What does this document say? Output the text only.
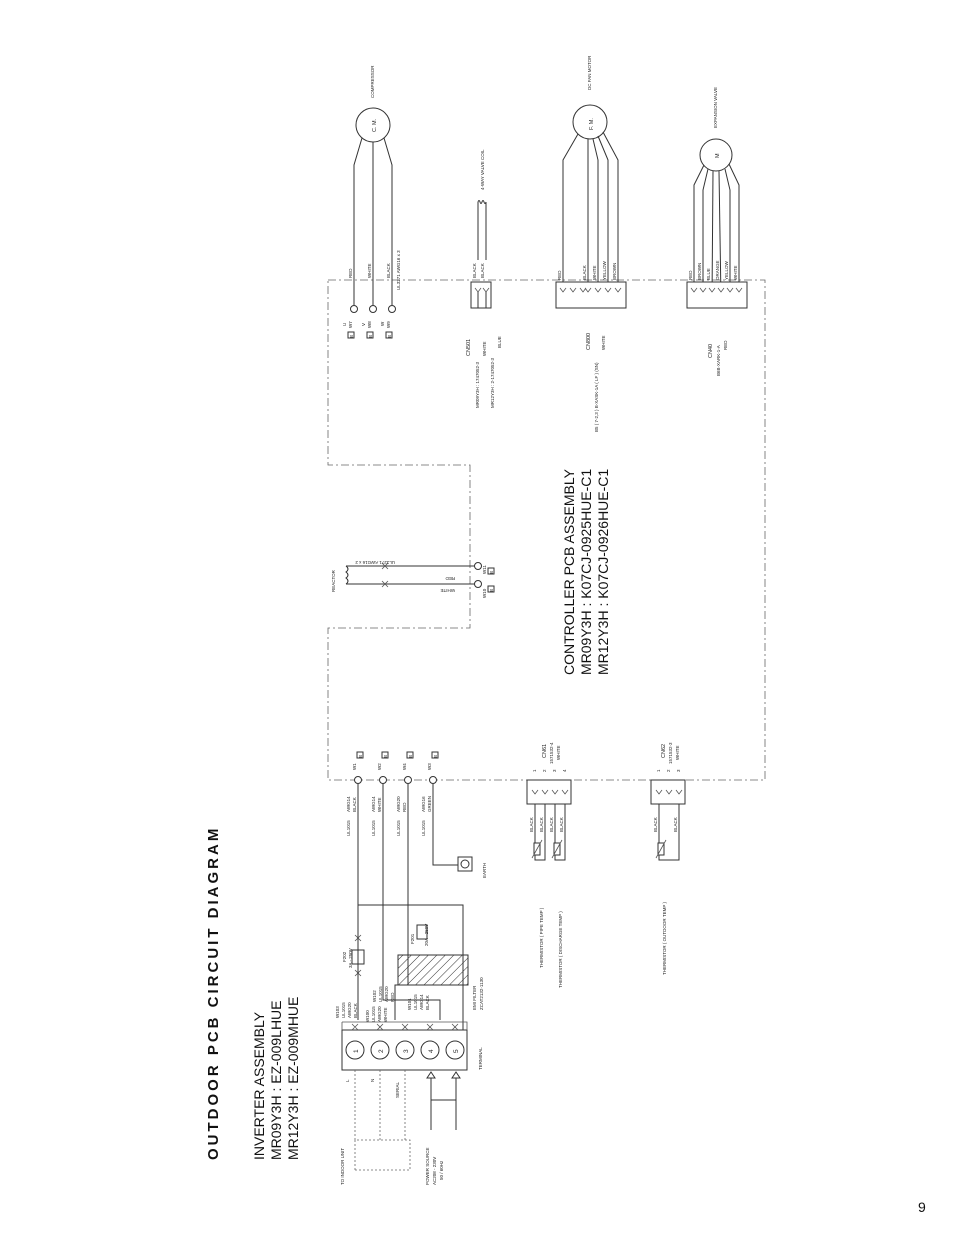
OUTDOOR PCB CIRCUIT DIAGRAM INVERTER ASSEMBLY MR09Y3H : EZ-009LHUE MR12Y3H : EZ-009MHUE
CONTROLLER PCB ASSEMBLY MR09Y3H : K07CJ-0925HUE-C1 MR12Y3H : K07CJ-0926HUE-C1
9
C. M.
COMPRESSOR
RED	WHITE	BLACK UL3271 AWG16 x 3
W7	W8	W9
U	V	W
B	B	B
4-WAY VALVE COIL
BLACK BLACK
CN501
MR09Y3H : 1747052-3
WHITE
MR12Y3H : 2-1747052-3
BLUE
F. M.
DC FAN MOTOR
RED	BLACK WHITE YELLOW BROWN
CN800
B5 ( 7-2,3 ) B-XASK-1A ( LF ) (SN)
WHITE
M
EXPANSION VALVE
RED BROWN BLUE ORANGE YELLOW WHITE
CN40 B6B-XARK-1-A RED
REACTOR
UL3271 AWG16 x 2
RED
WHITE	W10
W11
B
B
W1	W2	W4	W3
B	B	B	B
UL1015
AWG14 BLACK
UL1015
AWG14 WHITE
UL1015
AWG20 RED
UL1015
AWG16 GREEN
EARTH
1 2 3 4
CN61 1571532-4 WHITE
BLACK BLACK BLACK BLACK
THERMISTOR ( PIPE TEMP )	THERMISTOR ( DISCHARGE TEMP )
1 2 3
CN62 1571532-3 WHITE
BLACK	BLACK
THERMISTOR ( OUTDOOR TEMP )
F202 3A - 250V
W102 UL1015 AWG20 RED
F201 20A - 250V
EMI FILTER ZCAT2132-1130
W101 UL1015 AWG14 BLACK
W103 UL1015 AWG20 BLACK W100 UL1015 AWG20 WHITE
1	2	3	4	5	TERMINAL
L	N
SERIAL
TO INDOOR UNIT	POWER SOURCE AC208 - 230V 50 / 60Hz
